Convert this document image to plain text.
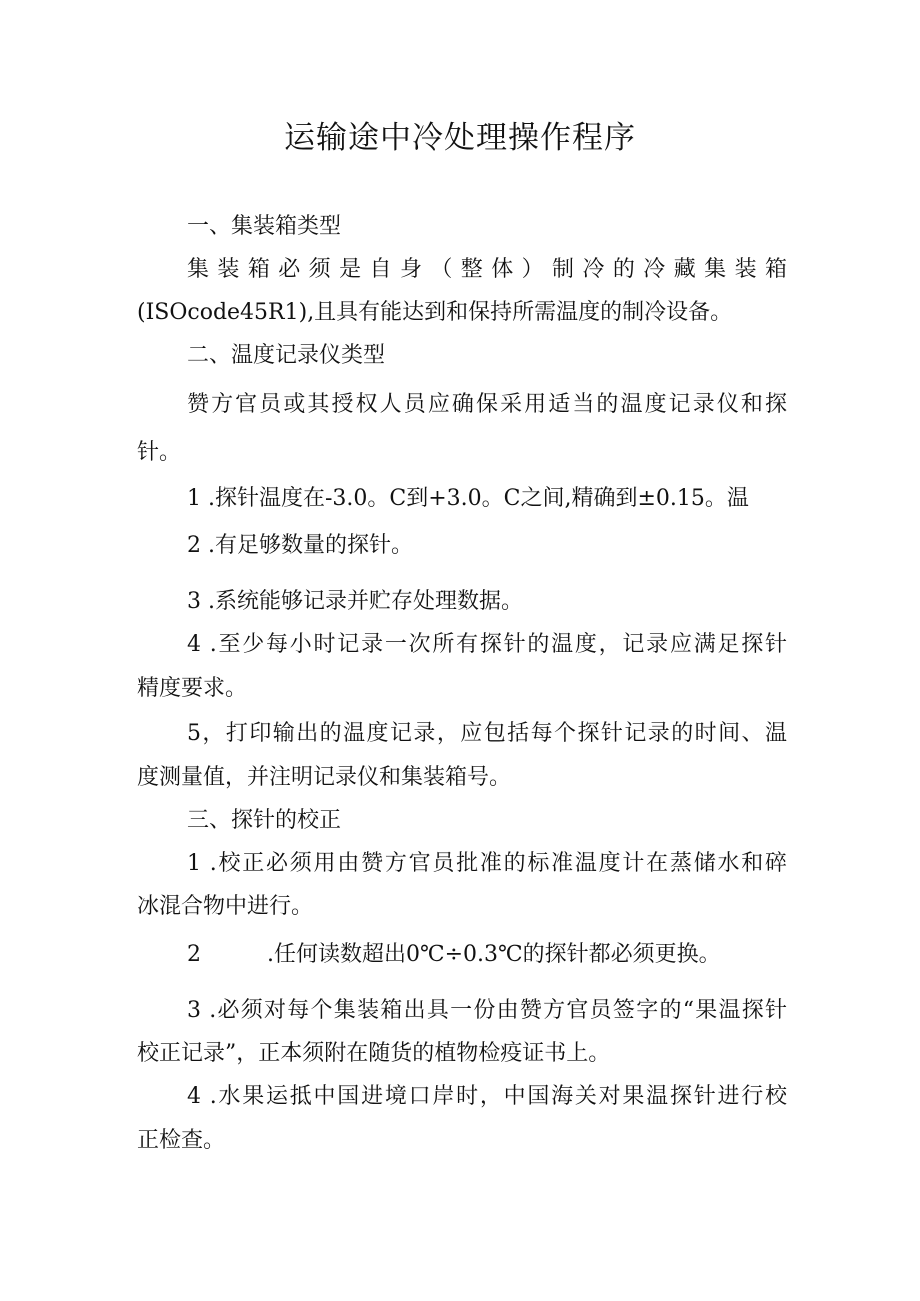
运输途中冷处理操作程序
一、集装箱类型
集装箱必须是自身（整体）制冷的冷藏集装箱
(ISOcode45R1),且具有能达到和保持所需温度的制冷设备。
二、温度记录仪类型
赞方官员或其授权人员应确保采用适当的温度记录仪和探
针。
1 .探针温度在-3.0。C到+3.0。C之间,精确到±0.15。温
2 .有足够数量的探针。
3 .系统能够记录并贮存处理数据。
4 .至少每小时记录一次所有探针的温度，记录应满足探针
精度要求。
5，打印输出的温度记录，应包括每个探针记录的时间、温
度测量值，并注明记录仪和集装箱号。
三、探针的校正
1 .校正必须用由赞方官员批准的标准温度计在蒸储水和碎
冰混合物中进行。
2	.任何读数超出0℃÷0.3℃的探针都必须更换。
3 .必须对每个集装箱出具一份由赞方官员签字的“果温探针
校正记录”，正本须附在随货的植物检疫证书上。
4 .水果运抵中国进境口岸时，中国海关对果温探针进行校
正检查。
